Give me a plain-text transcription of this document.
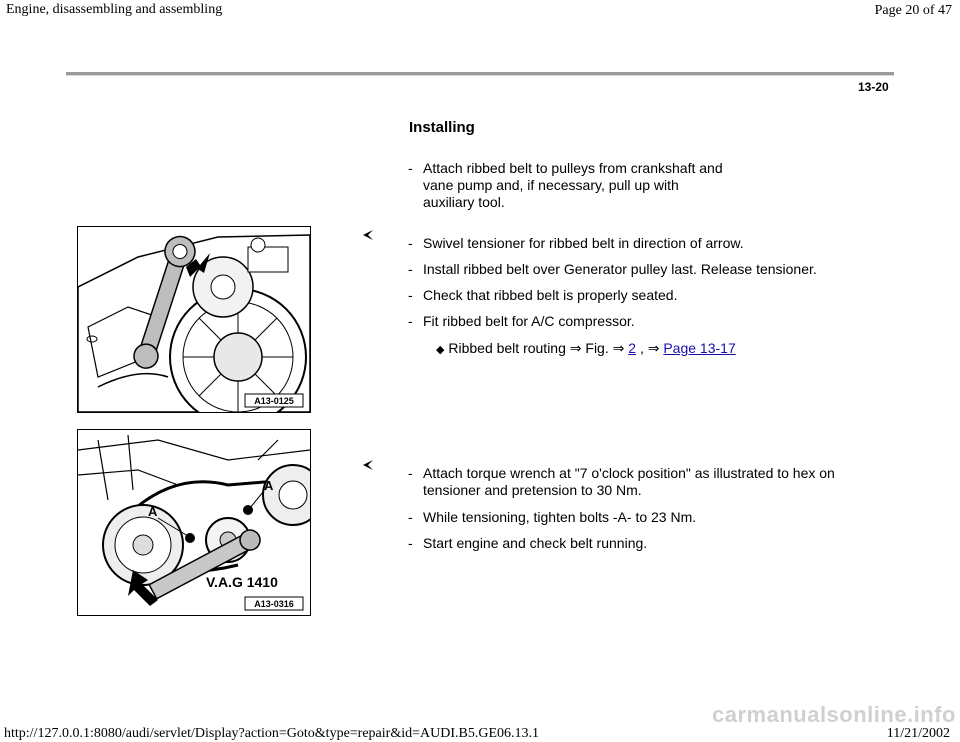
Engine, disassembling and assembling	Page 20 of 47
13-20
Installing
- Attach ribbed belt to pulleys from crankshaft and
vane pump and, if necessary, pull up with
auxiliary tool.
A13-0125
- Swivel tensioner for ribbed belt in direction of arrow.
- Install ribbed belt over Generator pulley last. Release tensioner.
- Check that ribbed belt is properly seated.
- Fit ribbed belt for A/C compressor.
◆ Ribbed belt routing ⇒ Fig. ⇒ 2 , ⇒ Page 13-17
A
A
V.A.G 1410
A13-0316
- Attach torque wrench at "7 o'clock position" as illustrated to hex on
tensioner and pretension to 30 Nm.
- While tensioning, tighten bolts -A- to 23 Nm.
- Start engine and check belt running.
carmanualsonline.info
http://127.0.0.1:8080/audi/servlet/Display?action=Goto&type=repair&id=AUDI.B5.GE06.13.1	11/21/2002
